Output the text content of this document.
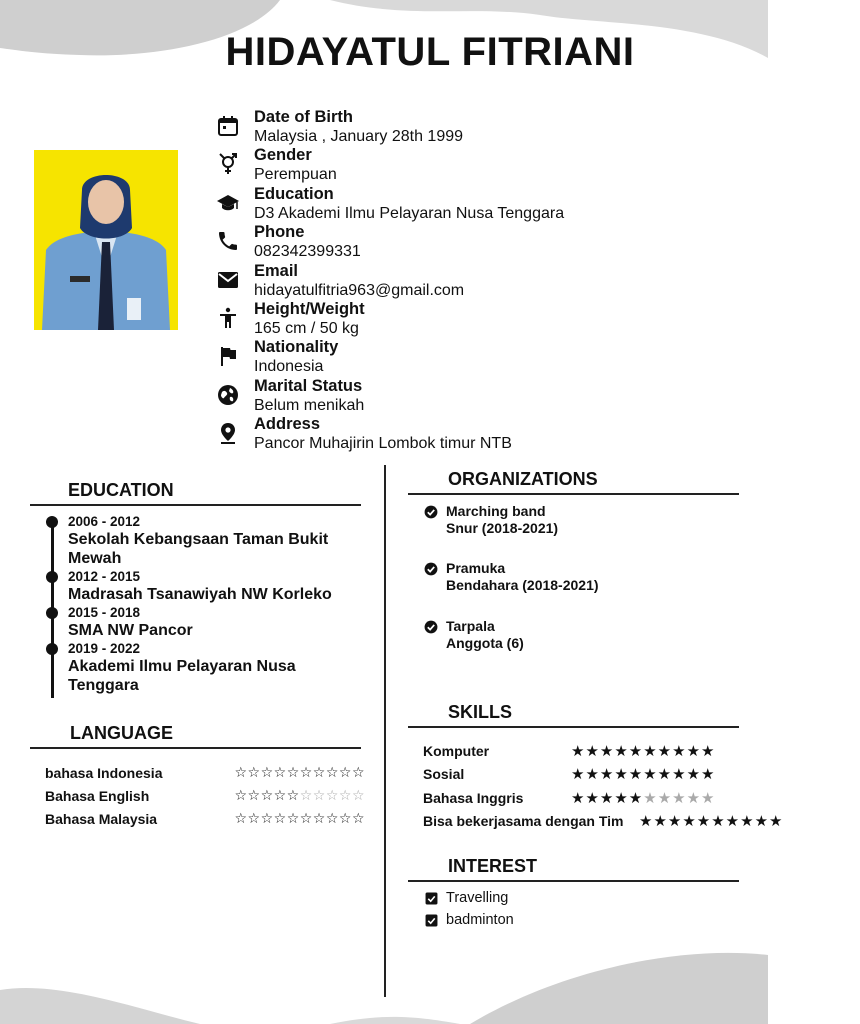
HIDAYATUL FITRIANI
Date of Birth
Malaysia , January 28th 1999
Gender
Perempuan
Education
D3 Akademi Ilmu Pelayaran Nusa Tenggara
Phone
082342399331
Email
hidayatulfitria963@gmail.com
Height/Weight
165 cm / 50 kg
Nationality
Indonesia
Marital Status
Belum menikah
Address
Pancor Muhajirin Lombok timur NTB
EDUCATION
2006 - 2012
Sekolah Kebangsaan Taman Bukit Mewah
2012 - 2015
Madrasah Tsanawiyah NW Korleko
2015 - 2018
SMA NW Pancor
2019 - 2022
Akademi Ilmu Pelayaran Nusa Tenggara
LANGUAGE
bahasa Indonesia	☆☆☆☆☆☆☆☆☆☆
Bahasa English	☆☆☆☆☆☆☆☆☆☆
Bahasa Malaysia	☆☆☆☆☆☆☆☆☆☆
ORGANIZATIONS
Marching band
Snur (2018-2021)
Pramuka
Bendahara (2018-2021)
Tarpala
Anggota (6)
SKILLS
Komputer	★★★★★★★★★★
Sosial	★★★★★★★★★★
Bahasa Inggris	★★★★★★★★★★
Bisa bekerjasama dengan Tim ★★★★★★★★★★
INTEREST
Travelling
badminton
